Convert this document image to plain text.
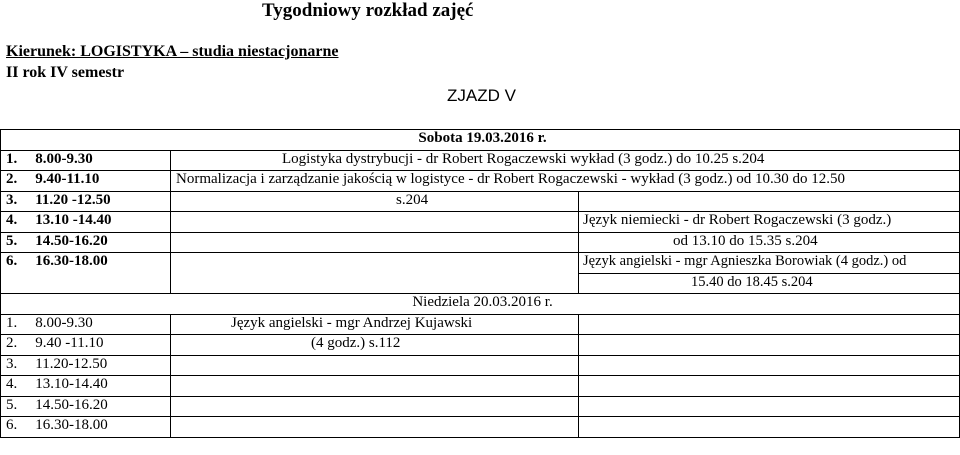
Tygodniowy rozkład zajęć
Kierunek: LOGISTYKA – studia niestacjonarne
II rok IV semestr
ZJAZD V
Sobota 19.03.2016 r.		
1. 8.00-9.30	Logistyka dystrybucji - dr Robert Rogaczewski wykład (3 godz.) do 10.25 s.204	
2. 9.40-11.10	Normalizacja i zarządzanie jakością w logistyce - dr Robert Rogaczewski - wykład (3 godz.) od 10.30 do 12.50	
3. 11.20 -12.50	s.204	
4. 13.10 -14.40		Język niemiecki - dr Robert Rogaczewski (3 godz.)
5. 14.50-16.20		od 13.10 do 15.35 s.204
6. 16.30-18.00		Język angielski - mgr Agnieszka Borowiak (4 godz.) od
		15.40 do 18.45 s.204
Niedziela 20.03.2016 r.		
1. 8.00-9.30	Język angielski - mgr Andrzej Kujawski	
2. 9.40 -11.10	(4 godz.) s.112	
3. 11.20-12.50		
4. 13.10-14.40		
5. 14.50-16.20		
6. 16.30-18.00		
